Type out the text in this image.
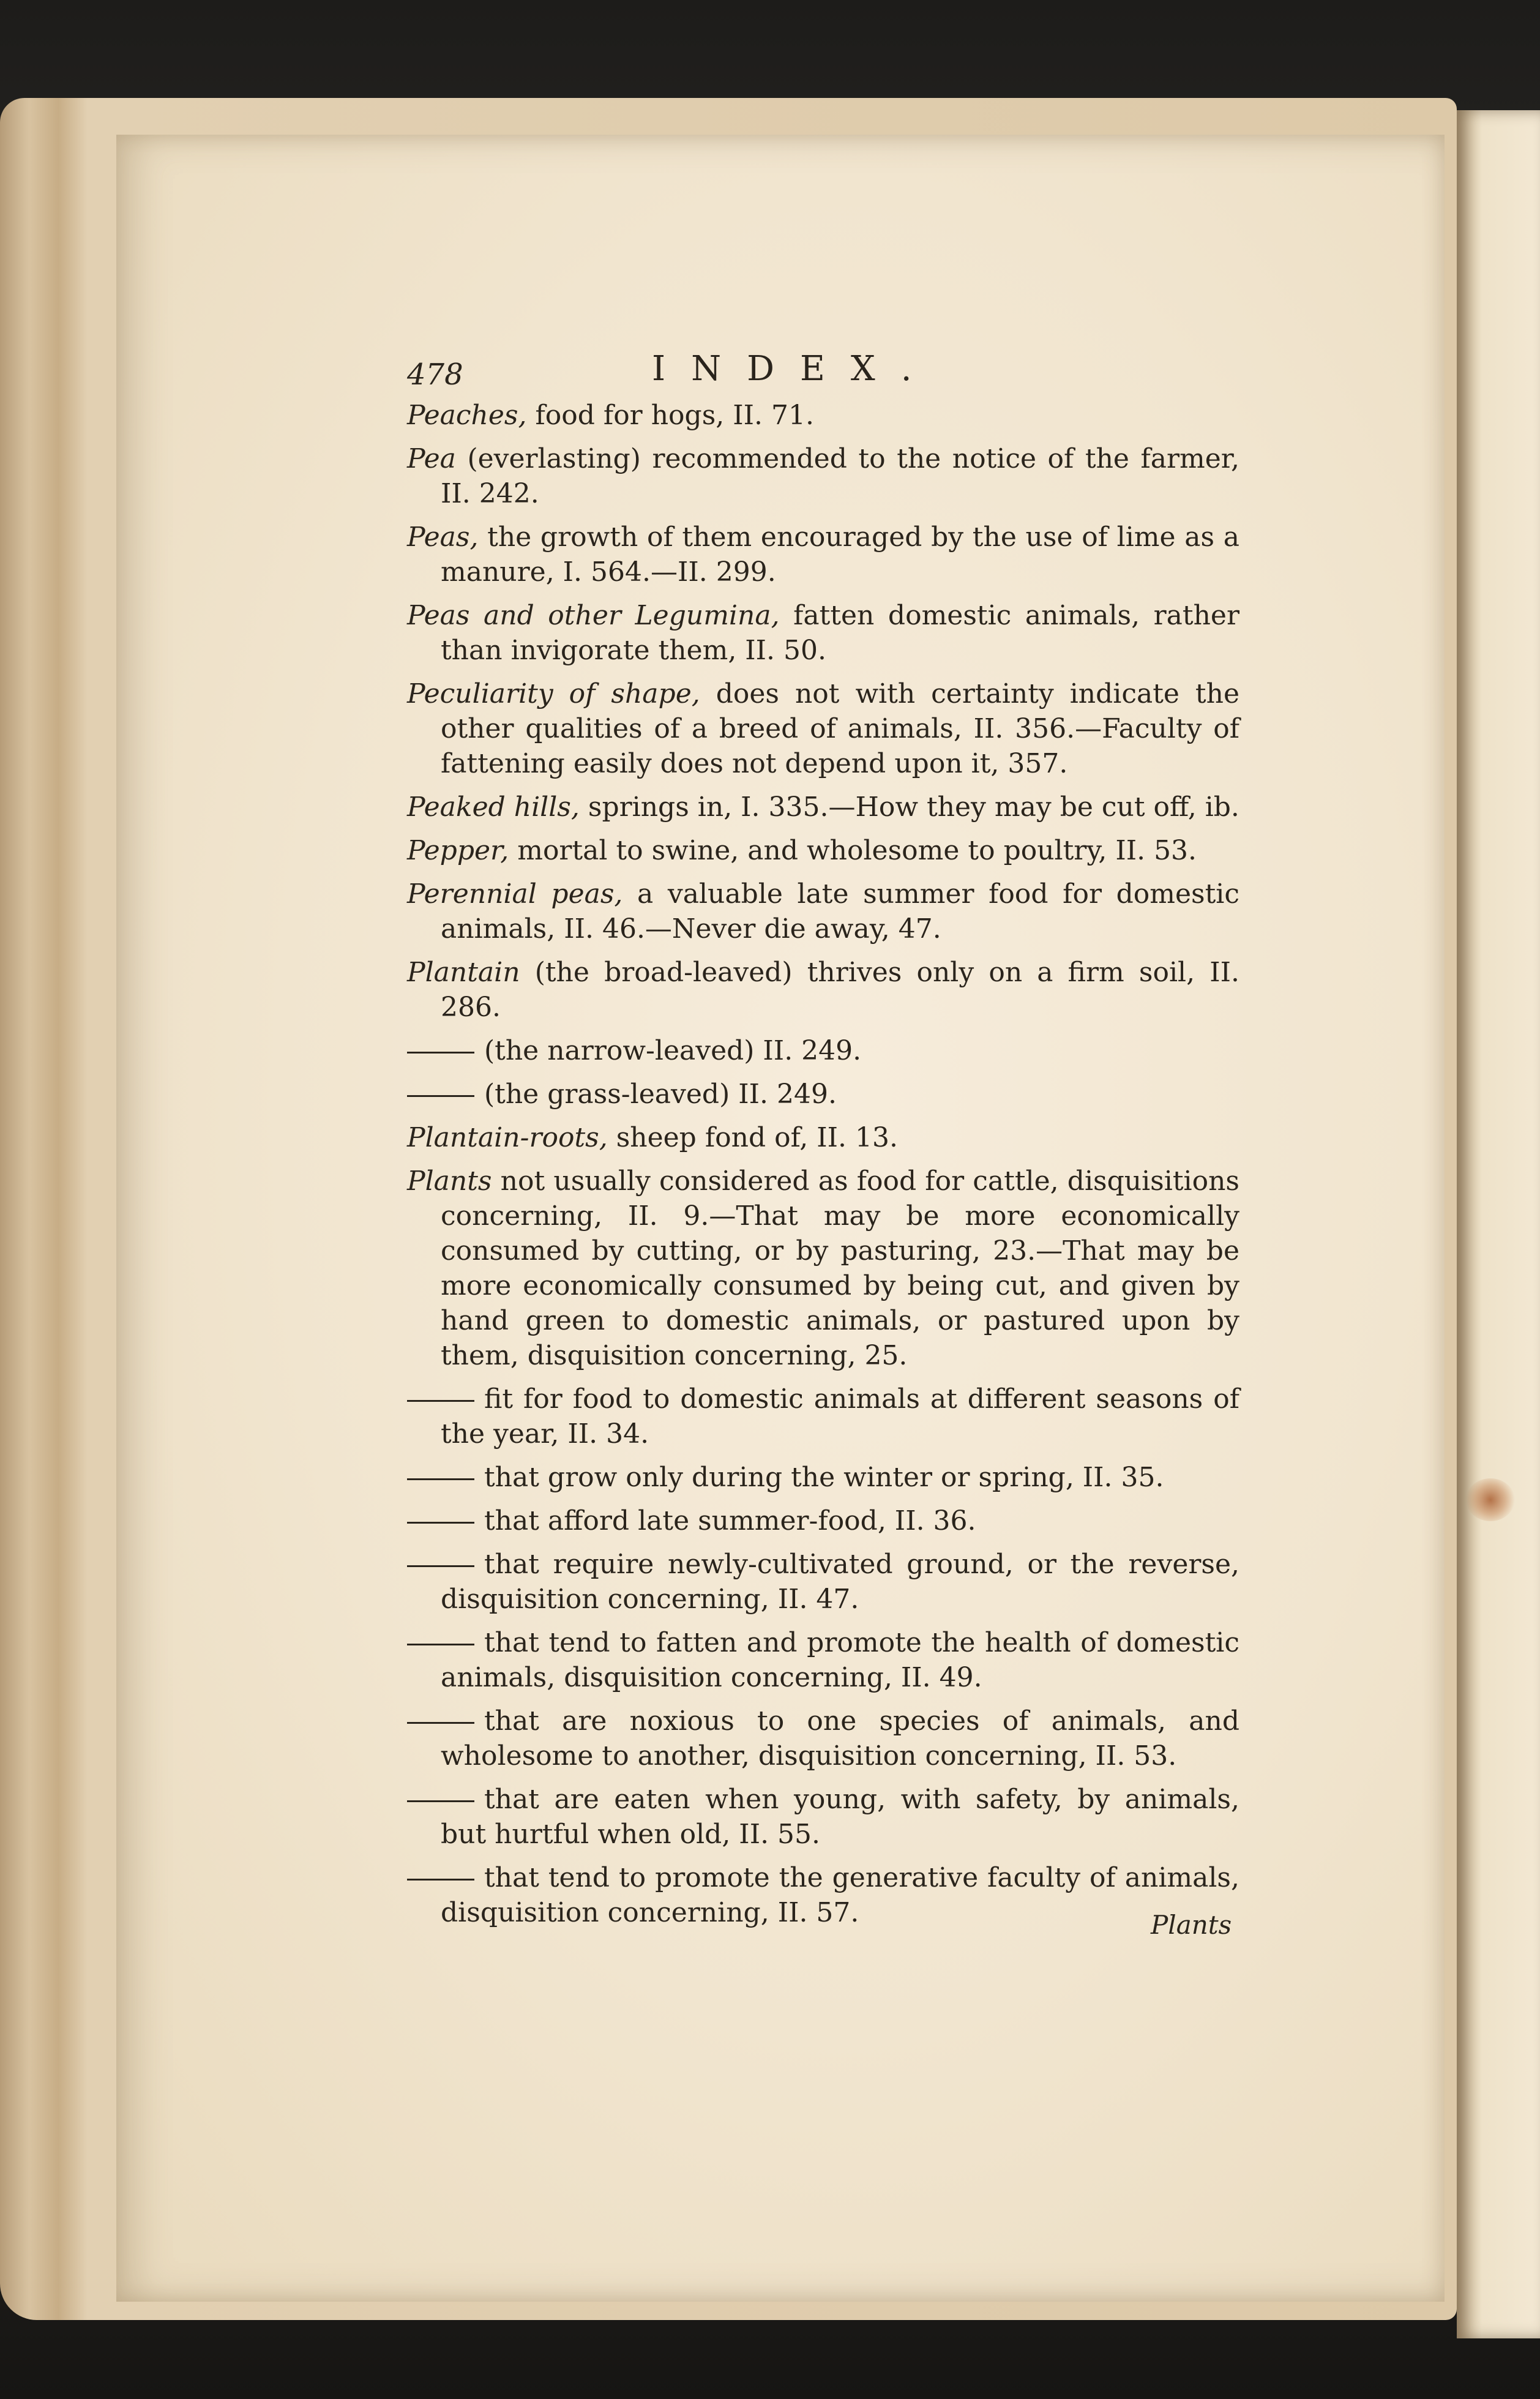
478	INDEX.
Peaches, food for hogs, II. 71.
Pea (everlasting) recommended to the notice of the farmer, II. 242.
Peas, the growth of them encouraged by the use of lime as a manure, I. 564.—II. 299.
Peas and other Legumina, fatten domestic animals, rather than invigorate them, II. 50.
Peculiarity of shape, does not with certainty indicate the other qualities of a breed of animals, II. 356.—Faculty of fattening easily does not depend upon it, 357.
Peaked hills, springs in, I. 335.—How they may be cut off, ib.
Pepper, mortal to swine, and wholesome to poultry, II. 53.
Perennial peas, a valuable late summer food for domestic animals, II. 46.—Never die away, 47.
Plantain (the broad-leaved) thrives only on a firm soil, II. 286.
(the narrow-leaved) II. 249.
(the grass-leaved) II. 249.
Plantain-roots, sheep fond of, II. 13.
Plants not usually considered as food for cattle, disquisitions concerning, II. 9.—That may be more economically consumed by cutting, or by pasturing, 23.—That may be more economically consumed by being cut, and given by hand green to domestic animals, or pastured upon by them, disquisition concerning, 25.
fit for food to domestic animals at different seasons of the year, II. 34.
that grow only during the winter or spring, II. 35.
that afford late summer-food, II. 36.
that require newly-cultivated ground, or the reverse, disquisition concerning, II. 47.
that tend to fatten and promote the health of domestic animals, disquisition concerning, II. 49.
that are noxious to one species of animals, and wholesome to another, disquisition concerning, II. 53.
that are eaten when young, with safety, by animals, but hurtful when old, II. 55.
that tend to promote the generative faculty of animals, disquisition concerning, II. 57.	Plants
